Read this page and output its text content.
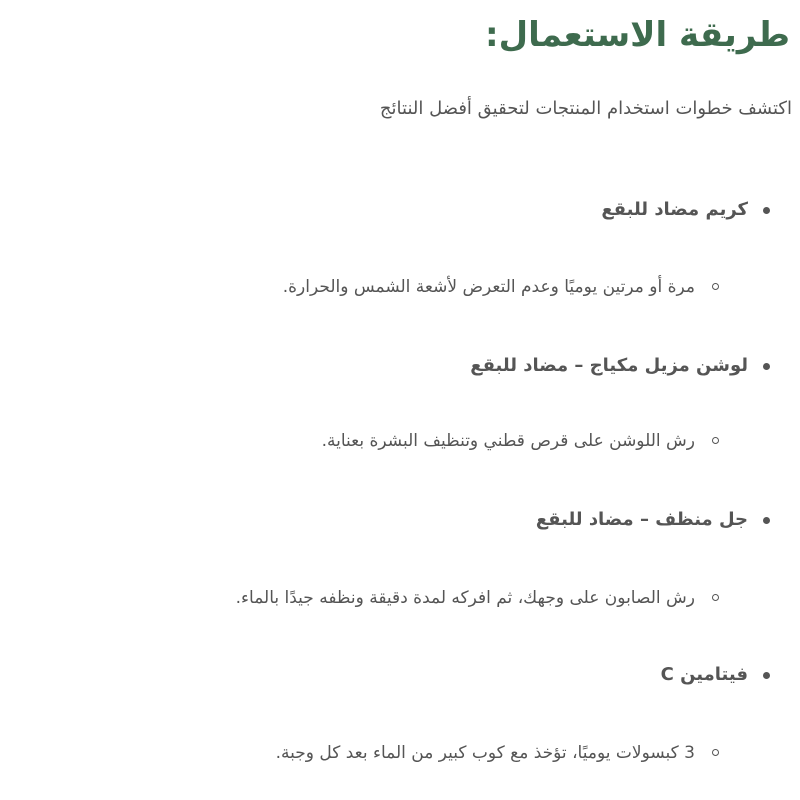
طريقة الاستعمال:

اكتشف خطوات استخدام المنتجات لتحقيق أفضل النتائج

كريم مضاد للبقع
مرة أو مرتين يوميًا وعدم التعرض لأشعة الشمس والحرارة.
لوشن مزيل مكياج – مضاد للبقع
رش اللوشن على قرص قطني وتنظيف البشرة بعناية.
جل منظف – مضاد للبقع
رش الصابون على وجهك، ثم افركه لمدة دقيقة ونظفه جيدًا بالماء.
فيتامين C
3 كبسولات يوميًا، تؤخذ مع كوب كبير من الماء بعد كل وجبة.
